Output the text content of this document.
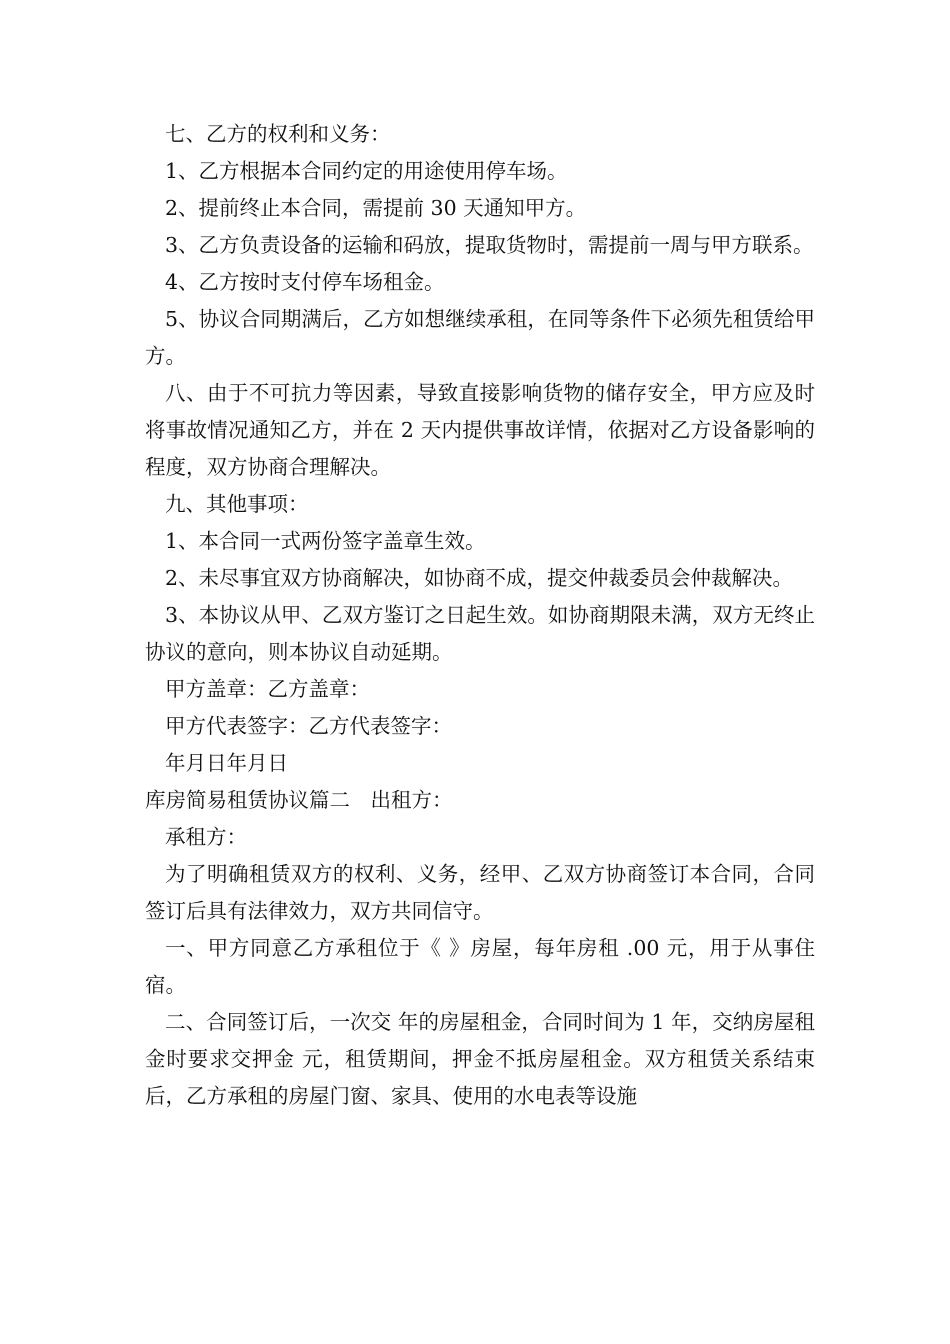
七、乙方的权利和义务：

1、乙方根据本合同约定的用途使用停车场。

2、提前终止本合同，需提前 30 天通知甲方。

3、乙方负责设备的运输和码放，提取货物时，需提前一周与甲方联系。

4、乙方按时支付停车场租金。

5、协议合同期满后，乙方如想继续承租，在同等条件下必须先租赁给甲方。

八、由于不可抗力等因素，导致直接影响货物的储存安全，甲方应及时将事故情况通知乙方，并在 2 天内提供事故详情，依据对乙方设备影响的程度，双方协商合理解决。

九、其他事项：

1、本合同一式两份签字盖章生效。

2、未尽事宜双方协商解决，如协商不成，提交仲裁委员会仲裁解决。

3、本协议从甲、乙双方鉴订之日起生效。如协商期限未满，双方无终止协议的意向，则本协议自动延期。

甲方盖章：乙方盖章：

甲方代表签字：乙方代表签字：

年月日年月日

库房简易租赁协议篇二　出租方：

承租方：

为了明确租赁双方的权利、义务，经甲、乙双方协商签订本合同，合同签订后具有法律效力，双方共同信守。

一、甲方同意乙方承租位于《 》房屋，每年房租 .00 元，用于从事住宿。

二、合同签订后，一次交 年的房屋租金，合同时间为 1 年，交纳房屋租金时要求交押金 元，租赁期间，押金不抵房屋租金。双方租赁关系结束后，乙方承租的房屋门窗、家具、使用的水电表等设施
